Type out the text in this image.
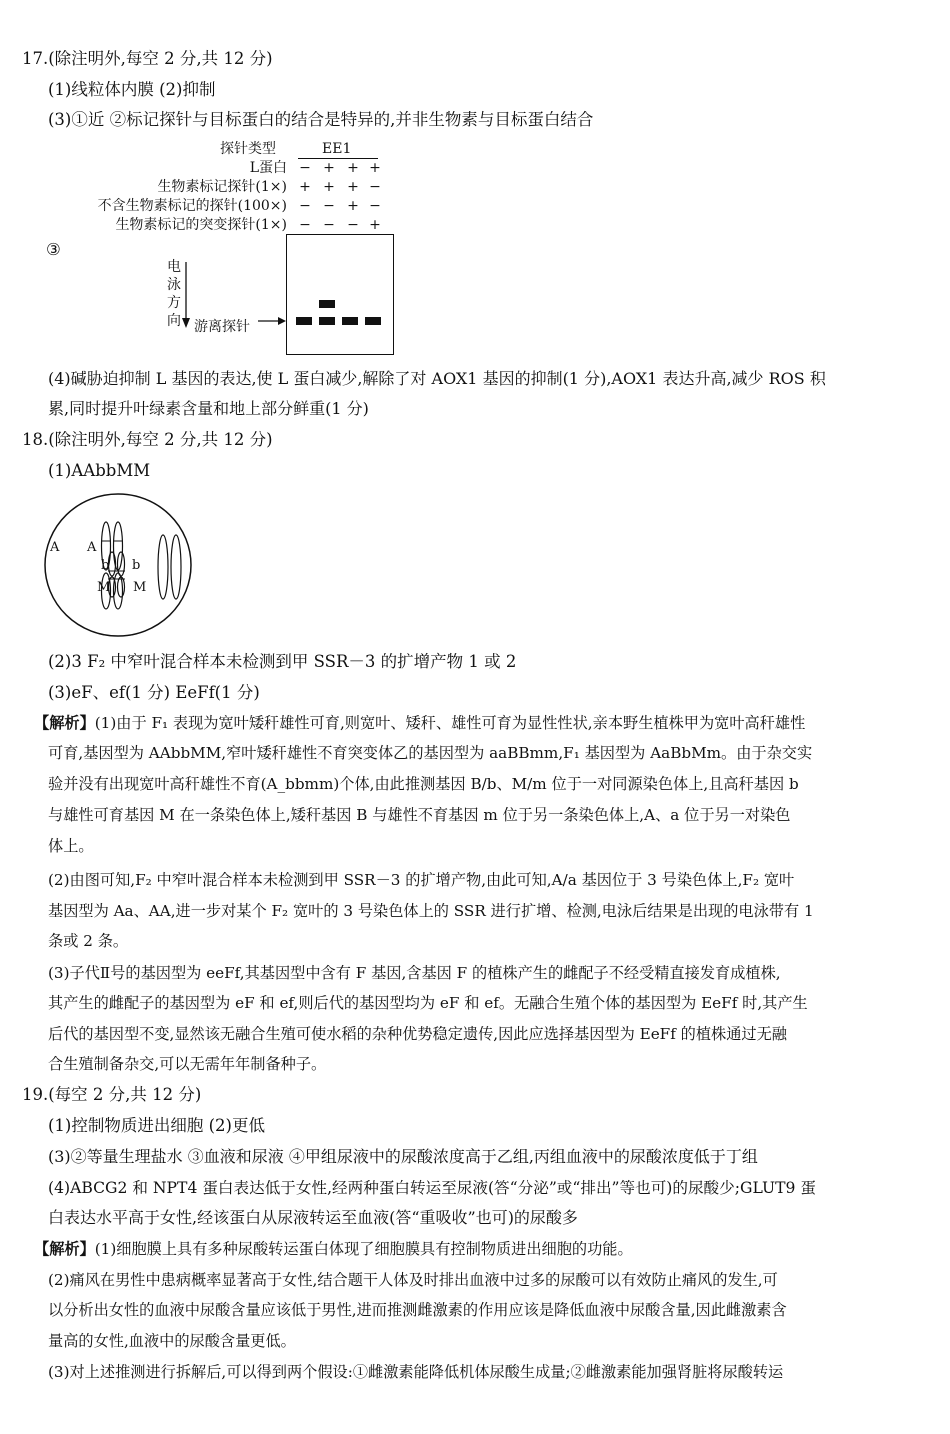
17.(除注明外,每空 2 分,共 12 分)
(1)线粒体内膜 (2)抑制
(3)①近 ②标记探针与目标蛋白的结合是特异的,并非生物素与目标蛋白结合
探针类型	EE1
L蛋白
生物素标记探针(1×)
不含生物素标记的探针(100×)
生物素标记的突变探针(1×)
− + + +
+ + + −
− − + −
− − − +
③
电
泳
方
向 游离探针
(4)碱胁迫抑制 L 基因的表达,使 L 蛋白减少,解除了对 AOX1 基因的抑制(1 分),AOX1 表达升高,减少 ROS 积
累,同时提升叶绿素含量和地上部分鲜重(1 分)
18.(除注明外,每空 2 分,共 12 分)
(1)AAbbMM
A A
b b
M M
(2)3 F₂ 中窄叶混合样本未检测到甲 SSR－3 的扩增产物 1 或 2
(3)eF、ef(1 分) EeFf(1 分)
【解析】(1)由于 F₁ 表现为宽叶矮秆雄性可育,则宽叶、矮秆、雄性可育为显性性状,亲本野生植株甲为宽叶高秆雄性
可育,基因型为 AAbbMM,窄叶矮秆雄性不育突变体乙的基因型为 aaBBmm,F₁ 基因型为 AaBbMm。由于杂交实
验并没有出现宽叶高秆雄性不育(A_bbmm)个体,由此推测基因 B/b、M/m 位于一对同源染色体上,且高秆基因 b
与雄性可育基因 M 在一条染色体上,矮秆基因 B 与雄性不育基因 m 位于另一条染色体上,A、a 位于另一对染色
体上。
(2)由图可知,F₂ 中窄叶混合样本未检测到甲 SSR－3 的扩增产物,由此可知,A/a 基因位于 3 号染色体上,F₂ 宽叶
基因型为 Aa、AA,进一步对某个 F₂ 宽叶的 3 号染色体上的 SSR 进行扩增、检测,电泳后结果是出现的电泳带有 1
条或 2 条。
(3)子代Ⅱ号的基因型为 eeFf,其基因型中含有 F 基因,含基因 F 的植株产生的雌配子不经受精直接发育成植株,
其产生的雌配子的基因型为 eF 和 ef,则后代的基因型均为 eF 和 ef。无融合生殖个体的基因型为 EeFf 时,其产生
后代的基因型不变,显然该无融合生殖可使水稻的杂种优势稳定遗传,因此应选择基因型为 EeFf 的植株通过无融
合生殖制备杂交,可以无需年年制备种子。
19.(每空 2 分,共 12 分)
(1)控制物质进出细胞 (2)更低
(3)②等量生理盐水 ③血液和尿液 ④甲组尿液中的尿酸浓度高于乙组,丙组血液中的尿酸浓度低于丁组
(4)ABCG2 和 NPT4 蛋白表达低于女性,经两种蛋白转运至尿液(答“分泌”或“排出”等也可)的尿酸少;GLUT9 蛋
白表达水平高于女性,经该蛋白从尿液转运至血液(答“重吸收”也可)的尿酸多
【解析】(1)细胞膜上具有多种尿酸转运蛋白体现了细胞膜具有控制物质进出细胞的功能。
(2)痛风在男性中患病概率显著高于女性,结合题干人体及时排出血液中过多的尿酸可以有效防止痛风的发生,可
以分析出女性的血液中尿酸含量应该低于男性,进而推测雌激素的作用应该是降低血液中尿酸含量,因此雌激素含
量高的女性,血液中的尿酸含量更低。
(3)对上述推测进行拆解后,可以得到两个假设:①雌激素能降低机体尿酸生成量;②雌激素能加强肾脏将尿酸转运
